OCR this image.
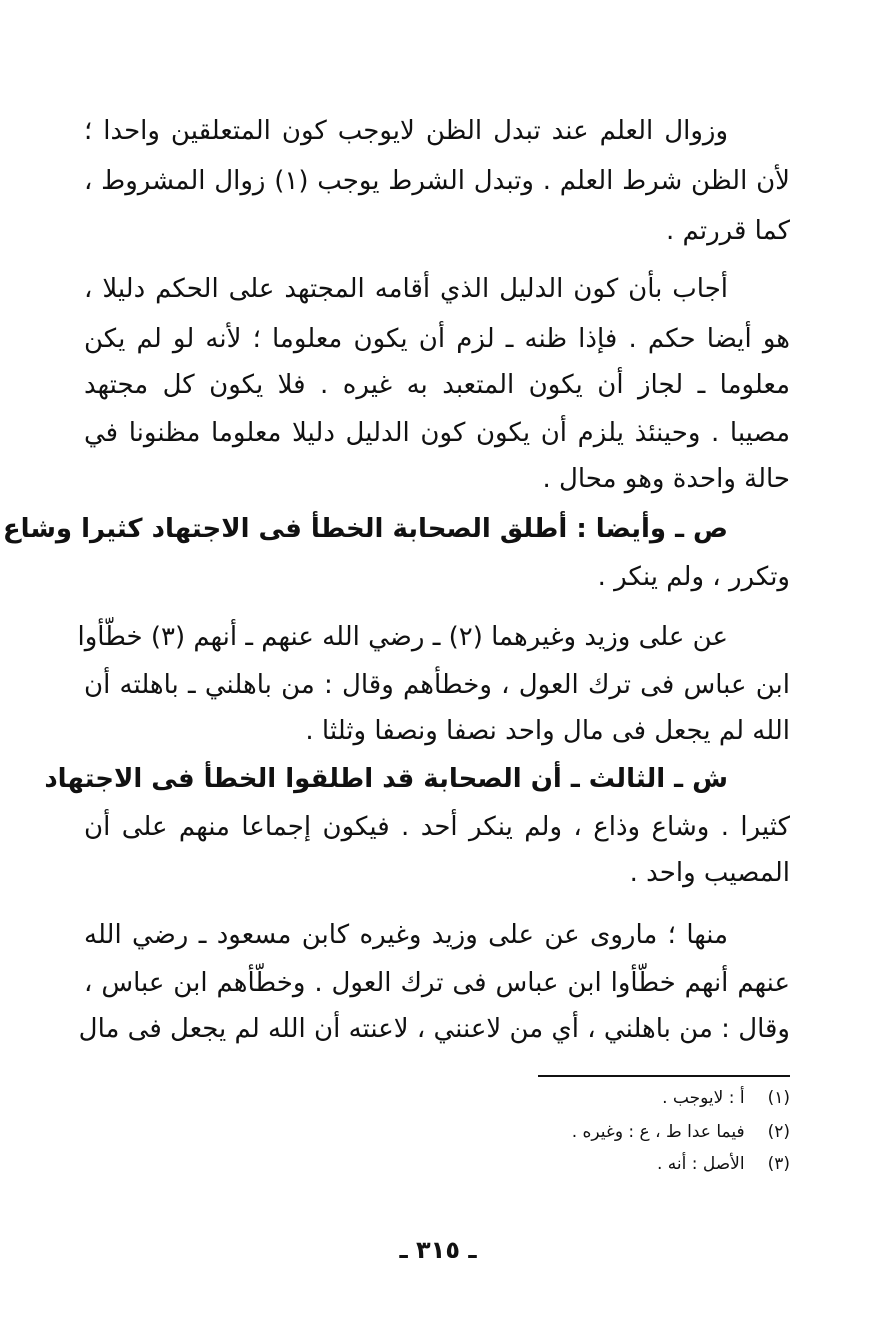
وزوال العلم عند تبدل الظن لايوجب كون المتعلقين واحدا ؛
لأن الظن شرط العلم . وتبدل الشرط يوجب (١) زوال المشروط ،
كما قررتم .
أجاب بأن كون الدليل الذي أقامه المجتهد على الحكم دليلا ،
هو أيضا حكم . فإذا ظنه ـ لزم أن يكون معلوما ؛ لأنه لو لم يكن
معلوما ـ لجاز أن يكون المتعبد به غيره . فلا يكون كل مجتهد
مصيبا . وحينئذ يلزم أن يكون كون الدليل دليلا معلوما مظنونا في
حالة واحدة وهو محال .
ص ـ وأيضا : أطلق الصحابة الخطأ فى الاجتهاد كثيرا وشاع
وتكرر ، ولم ينكر .
عن على وزيد وغيرهما (٢) ـ رضي الله عنهم ـ أنهم (٣) خطّأوا
ابن عباس فى ترك العول ، وخطأهم وقال : من باهلني ـ باهلته أن
الله لم يجعل فى مال واحد نصفا ونصفا وثلثا .
ش ـ الثالث ـ أن الصحابة قد اطلقوا الخطأ فى الاجتهاد
كثيرا . وشاع وذاع ، ولم ينكر أحد . فيكون إجماعا منهم على أن
المصيب واحد .
منها ؛ ماروى عن على وزيد وغيره كابن مسعود ـ رضي الله
عنهم أنهم خطّأوا ابن عباس فى ترك العول . وخطّأهم ابن عباس ،
وقال : من باهلني ، أي من لاعنني ، لاعنته أن الله لم يجعل فى مال
(١) أ : لايوجب .
(٢) فيما عدا ط ، ع : وغيره .
(٣) الأصل : أنه .
ـ ٣١٥ ـ
